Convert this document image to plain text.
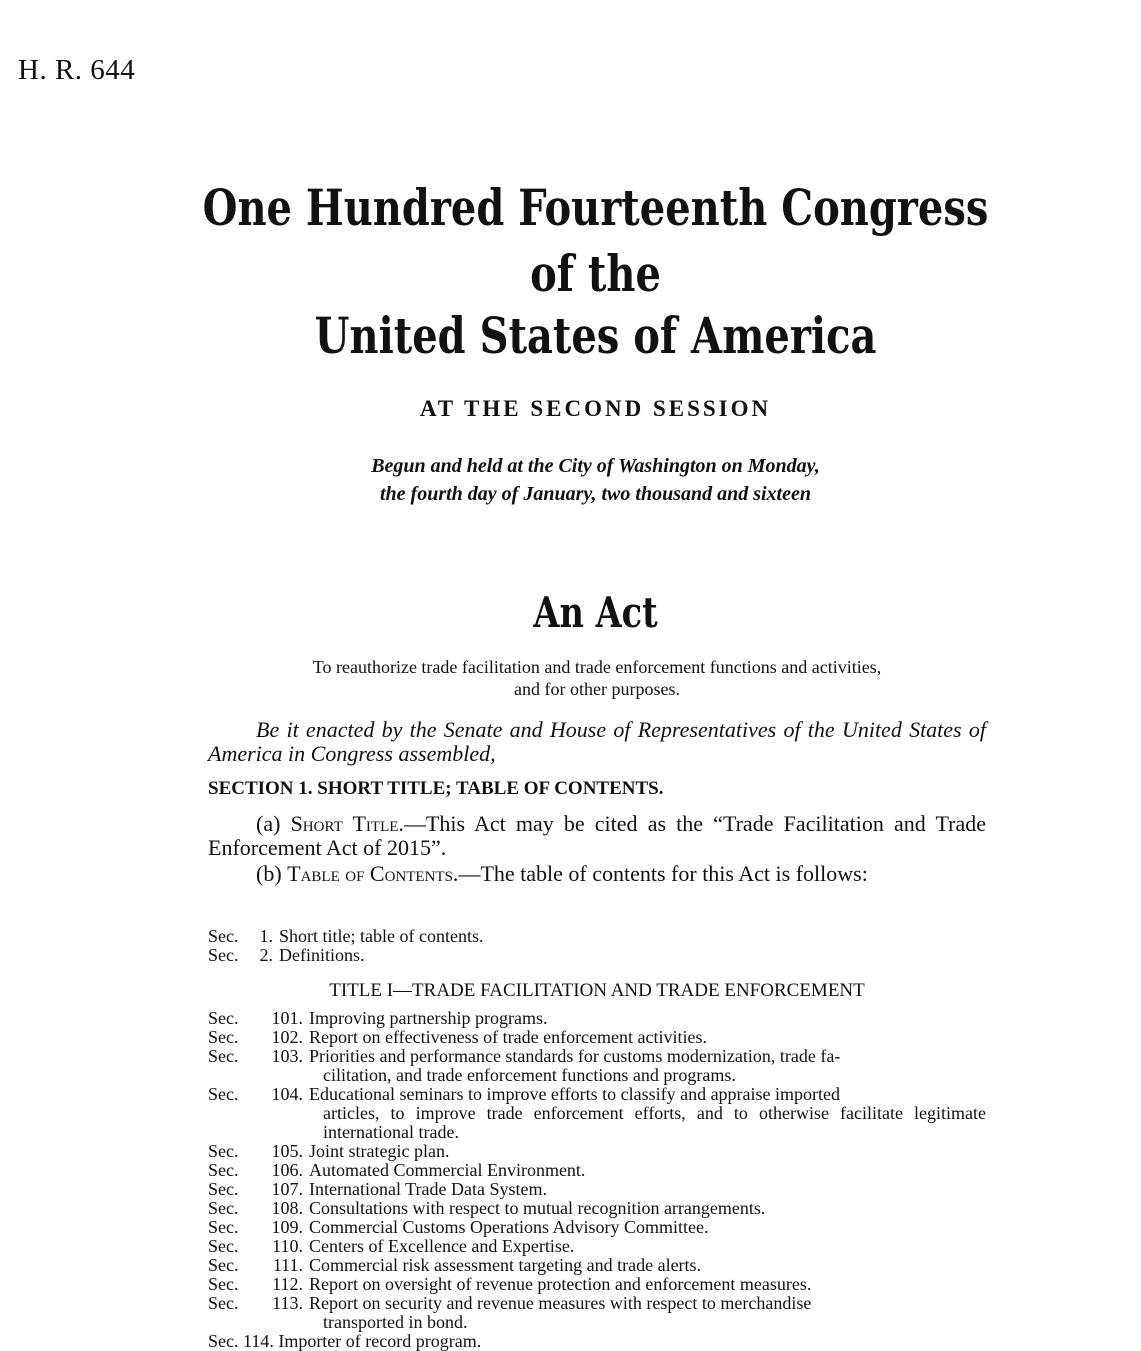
H. R. 644
One Hundred Fourteenth Congress
of the
United States of America
AT THE SECOND SESSION
Begun and held at the City of Washington on Monday,
the fourth day of January, two thousand and sixteen
An Act
To reauthorize trade facilitation and trade enforcement functions and activities,
and for other purposes.
Be it enacted by the Senate and House of Representatives of the United States of America in Congress assembled,
SECTION 1. SHORT TITLE; TABLE OF CONTENTS.
(a) Short Title.—This Act may be cited as the “Trade Facilitation and Trade Enforcement Act of 2015”.
(b) Table of Contents.—The table of contents for this Act is follows:
Sec.	1. Short title; table of contents.
Sec.	2. Definitions.
TITLE I—TRADE FACILITATION AND TRADE ENFORCEMENT
Sec.	101. Improving partnership programs.
Sec.	102. Report on effectiveness of trade enforcement activities.
Sec.	103. Priorities and performance standards for customs modernization, trade fa-
cilitation, and trade enforcement functions and programs.
Sec.	104. Educational seminars to improve efforts to classify and appraise imported
articles, to improve trade enforcement efforts, and to otherwise facilitate legitimate international trade.
Sec.	105. Joint strategic plan.
Sec.	106. Automated Commercial Environment.
Sec.	107. International Trade Data System.
Sec.	108. Consultations with respect to mutual recognition arrangements.
Sec.	109. Commercial Customs Operations Advisory Committee.
Sec.	110. Centers of Excellence and Expertise.
Sec.	111. Commercial risk assessment targeting and trade alerts.
Sec.	112. Report on oversight of revenue protection and enforcement measures.
Sec.	113. Report on security and revenue measures with respect to merchandise
transported in bond.
Sec. 114. Importer of record program.
